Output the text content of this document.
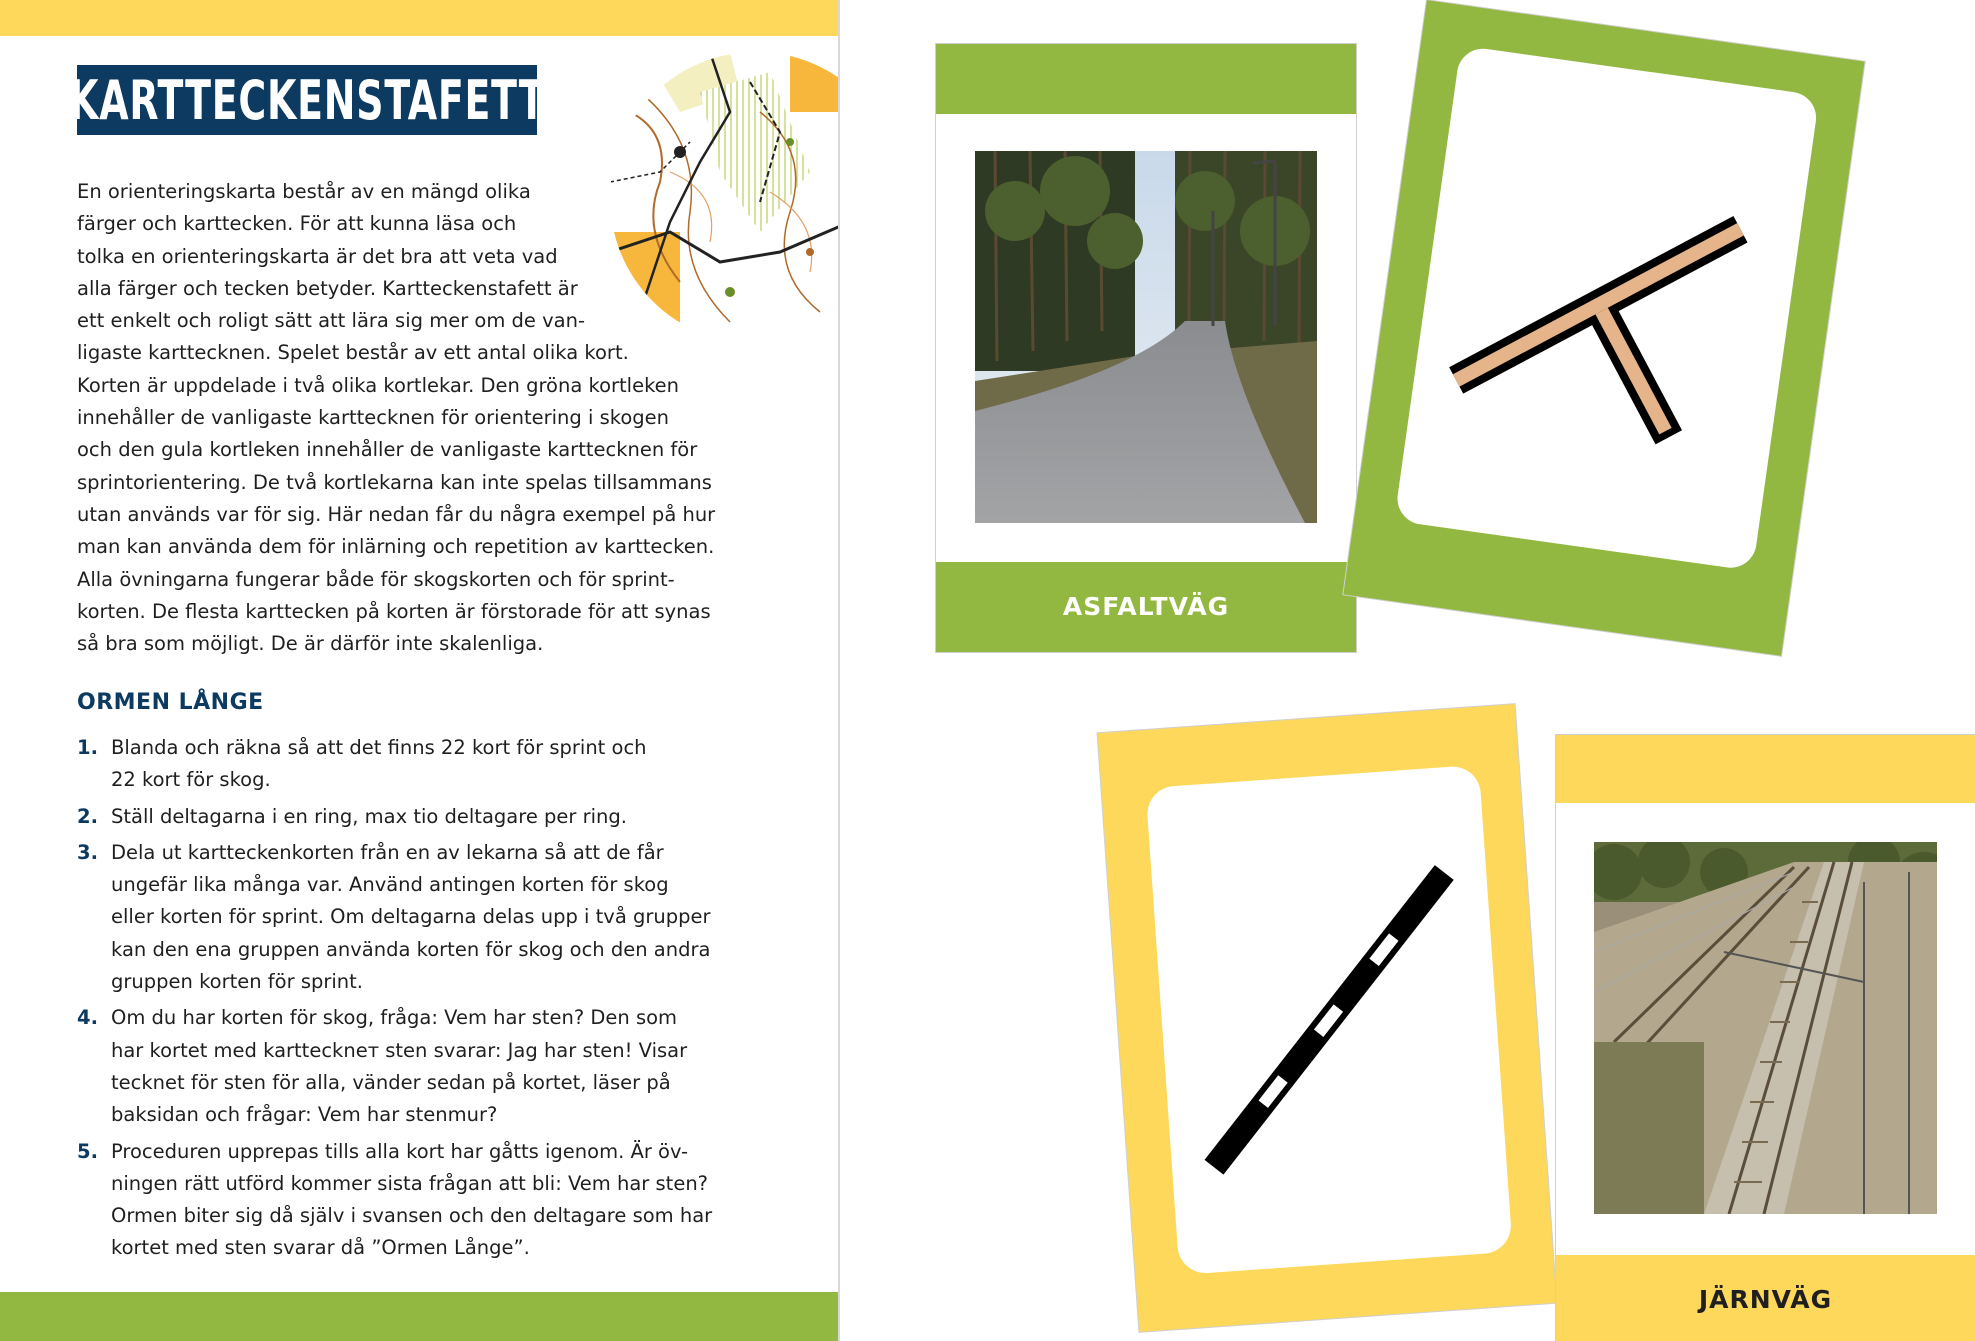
KARTTECKENSTAFETT
En orienteringskarta består av en mängd olika
färger och karttecken. För att kunna läsa och
tolka en orienteringskarta är det bra att veta vad
alla färger och tecken betyder. Kartteckenstafett är
ett enkelt och roligt sätt att lära sig mer om de van-
ligaste karttecknen. Spelet består av ett antal olika kort.
Korten är uppdelade i två olika kortlekar. Den gröna kortleken
innehåller de vanligaste karttecknen för orientering i skogen
och den gula kortleken innehåller de vanligaste karttecknen för
sprintorientering. De två kortlekarna kan inte spelas tillsammans
utan används var för sig. Här nedan får du några exempel på hur
man kan använda dem för inlärning och repetition av karttecken.
Alla övningarna fungerar både för skogskorten och för sprint-
korten. De flesta karttecken på korten är förstorade för att synas
så bra som möjligt. De är därför inte skalenliga.
ORMEN LÅNGE
1. Blanda och räkna så att det finns 22 kort för sprint och
22 kort för skog.
2. Ställ deltagarna i en ring, max tio deltagare per ring.
3. Dela ut kartteckenkorten från en av lekarna så att de får
ungefär lika många var. Använd antingen korten för skog
eller korten för sprint. Om deltagarna delas upp i två grupper
kan den ena gruppen använda korten för skog och den andra
gruppen korten för sprint.
4. Om du har korten för skog, fråga: Vem har sten? Den som
har kortet med kartteckneт sten svarar: Jag har sten! Visar
tecknet för sten för alla, vänder sedan på kortet, läser på
baksidan och frågar: Vem har stenmur?
5. Proceduren upprepas tills alla kort har gåtts igenom. Är öv-
ningen rätt utförd kommer sista frågan att bli: Vem har sten?
Ormen biter sig då själv i svansen och den deltagare som har
kortet med sten svarar då ”Ormen Långe”.
ASFALTVÄG
JÄRNVÄG
